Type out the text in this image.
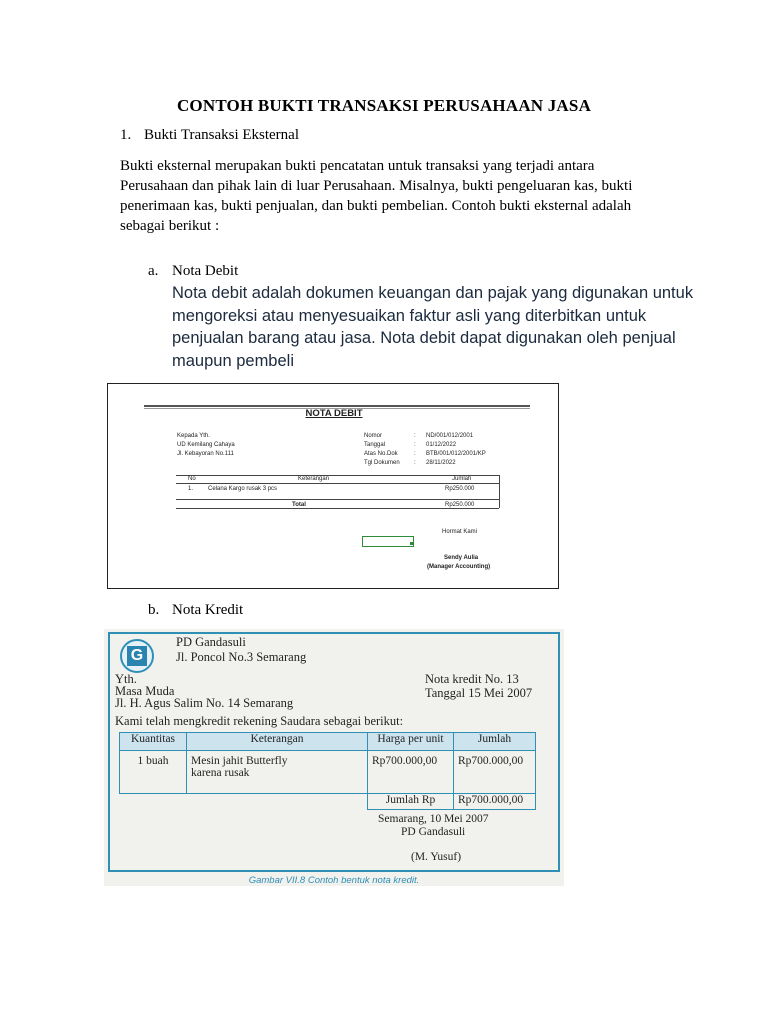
CONTOH BUKTI TRANSAKSI PERUSAHAAN JASA
1. Bukti Transaksi Eksternal
Bukti eksternal merupakan bukti pencatatan untuk transaksi yang terjadi antara Perusahaan dan pihak lain di luar Perusahaan. Misalnya, bukti pengeluaran kas, bukti penerimaan kas, bukti penjualan, dan bukti pembelian. Contoh bukti eksternal adalah sebagai berikut :
a. Nota Debit
Nota debit adalah dokumen keuangan dan pajak yang digunakan untuk mengoreksi atau menyesuaikan faktur asli yang diterbitkan untuk penjualan barang atau jasa. Nota debit dapat digunakan oleh penjual maupun pembeli
NOTA DEBIT
Kepada Yth.
UD Kemilang Cahaya
Jl. Kebayoran No.111
Nomor	: ND/001/012/2001
Tanggal	: 01/12/2022
Atas No.Dok	: BTB/001/012/2001/KP
Tgl Dokumen : 28/11/2022
No	Keterangan	Jumlah
1. Celana Kargo rusak 3 pcs	Rp250.000
Total	Rp250.000
Hormat Kami
Sendy Aulia
(Manager Accounting)
b. Nota Kredit
G
PD Gandasuli
Jl. Poncol No.3 Semarang
Yth.
Masa Muda
Jl. H. Agus Salim No. 14 Semarang
Nota kredit No. 13
Tanggal 15 Mei 2007
Kami telah mengkredit rekening Saudara sebagai berikut:
Kuantitas	Keterangan	Harga per unit	Jumlah
1 buah	Mesin jahit Butterfly
karena rusak	Rp700.000,00	Rp700.000,00
		Jumlah Rp	Rp700.000,00
Semarang, 10 Mei 2007
PD Gandasuli
(M. Yusuf)
Gambar VII.8 Contoh bentuk nota kredit.
